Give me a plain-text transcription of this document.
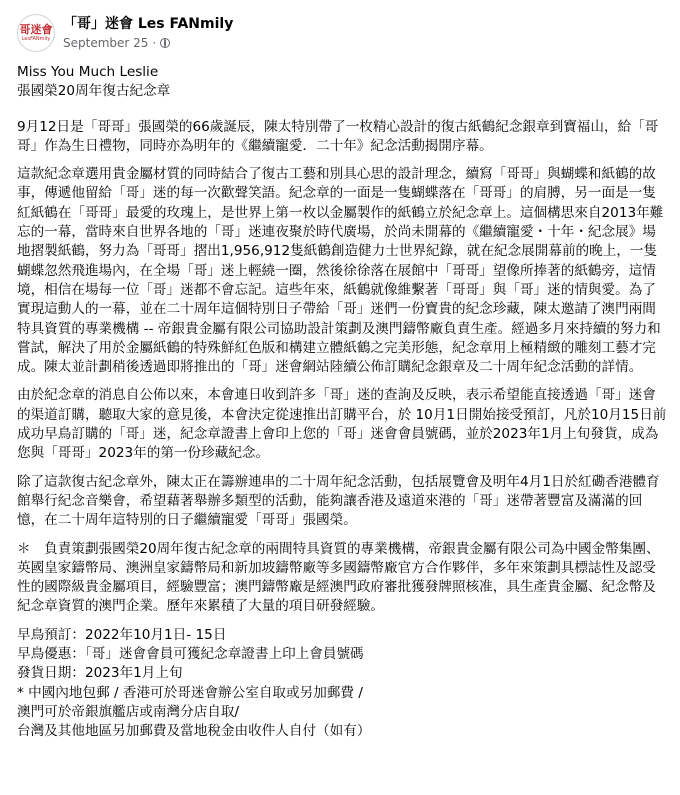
哥迷會
LesFANmily
「哥」迷會 Les FANmily
September 25 ·

Miss You Much Leslie
張國榮20周年復古紀念章

9月12日是「哥哥」張國榮的66歲誕辰，陳太特別帶了一枚精心設計的復古紙鶴紀念銀章到寶福山，給「哥哥」作為生日禮物，同時亦為明年的《繼續寵愛．二十年》紀念活動揭開序幕。

這款紀念章選用貴金屬材質的同時結合了復古工藝和別具心思的設計理念，續寫「哥哥」與蝴蝶和紙鶴的故事，傳遞他留給「哥」迷的每一次歡聲笑語。紀念章的一面是一隻蝴蝶落在「哥哥」的肩膊，另一面是一隻紅紙鶴在「哥哥」最愛的玫瑰上，是世界上第一枚以金屬製作的紙鶴立於紀念章上。這個構思來自2013年難忘的一幕，當時來自世界各地的「哥」迷連夜聚於時代廣場，於尚未開幕的《繼續寵愛・十年・紀念展》場地摺製紙鶴，努力為「哥哥」摺出1,956,912隻紙鶴創造健力士世界紀錄，就在紀念展開幕前的晚上，一隻蝴蝶忽然飛進場內，在全場「哥」迷上輕繞一圈，然後徐徐落在展館中「哥哥」望像所捧著的紙鶴旁，這情境，相信在場每一位「哥」迷都不會忘記。這些年來，紙鶴就像維繫著「哥哥」與「哥」迷的情與愛。為了實現這動人的一幕，並在二十周年這個特別日子帶給「哥」迷們一份寶貴的紀念珍藏，陳太邀請了澳門兩間特具資質的專業機構 -- 帝銀貴金屬有限公司協助設計策劃及澳門鑄幣廠負責生產。經過多月來持續的努力和嘗試，解決了用於金屬紙鶴的特殊鮮紅色版和構建立體紙鶴之完美形態，紀念章用上極精緻的雕刻工藝才完成。陳太並計劃稍後透過即將推出的「哥」迷會網站陸續公佈訂購紀念銀章及二十周年紀念活動的詳情。

由於紀念章的消息自公佈以來，本會連日收到許多「哥」迷的查詢及反映，表示希望能直接透過「哥」迷會的渠道訂購，聽取大家的意見後，本會決定從速推出訂購平台，於 10月1日開始接受預訂，凡於10月15日前成功早鳥訂購的「哥」迷，紀念章證書上會印上您的「哥」迷會會員號碼，並於2023年1月上旬發貨，成為您與「哥哥」2023年的第一份珍藏紀念。

除了這款復古紀念章外，陳太正在籌辦連串的二十周年紀念活動，包括展覽會及明年4月1日於紅磡香港體育館舉行紀念音樂會，希望藉著舉辦多類型的活動，能夠讓香港及遠道來港的「哥」迷帶著豐富及滿滿的回憶，在二十周年這特別的日子繼續寵愛「哥哥」張國榮。

＊　負責策劃張國榮20周年復古紀念章的兩間特具資質的專業機構，帝銀貴金屬有限公司為中國金幣集團、英國皇家鑄幣局、澳洲皇家鑄幣局和新加坡鑄幣廠等多國鑄幣廠官方合作夥伴，多年來策劃具標誌性及認受性的國際級貴金屬項目，經驗豐富；澳門鑄幣廠是經澳門政府審批獲發牌照核准，具生產貴金屬、紀念幣及紀念章資質的澳門企業。歷年來累積了大量的項目研發經驗。

早鳥預訂：2022年10月1日- 15日
早鳥優惠：「哥」迷會會員可獲紀念章證書上印上會員號碼
發貨日期：2023年1月上旬
* 中國內地包郵 / 香港可於哥迷會辦公室自取或另加郵費 /
澳門可於帝銀旗艦店或南灣分店自取/
台灣及其他地區另加郵費及當地稅金由收件人自付（如有）
